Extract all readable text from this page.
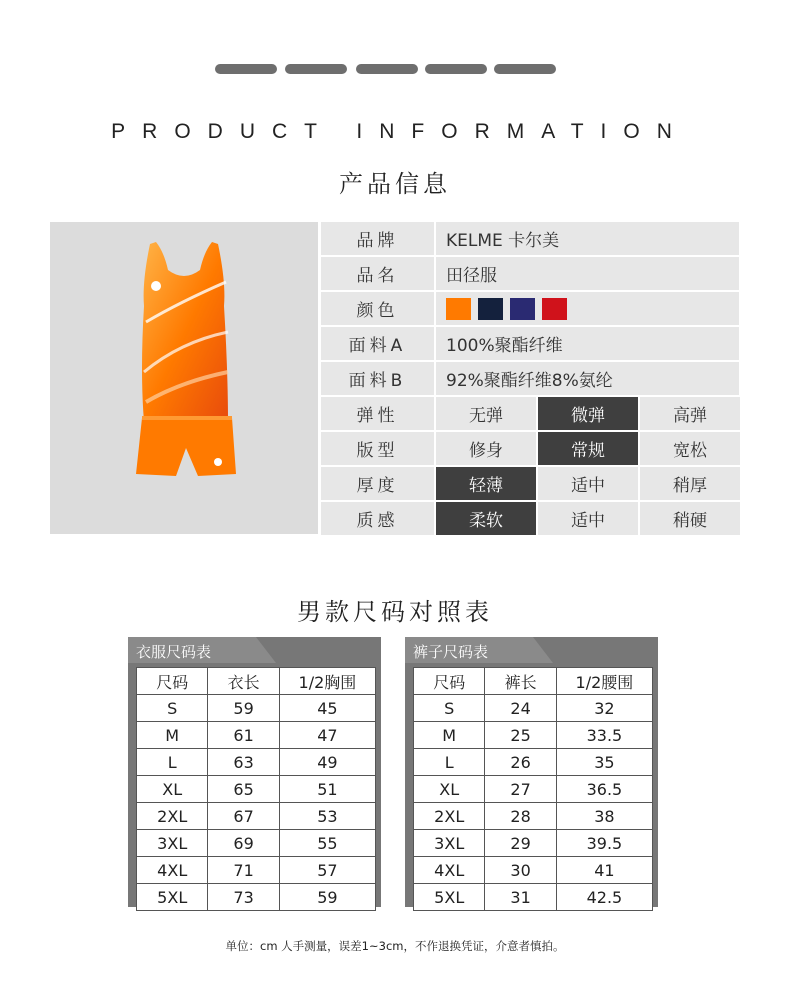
PRODUCT INFORMATION
产品信息
品牌	KELME 卡尔美
品名	田径服
颜色
面料A	100%聚酯纤维
面料B	92%聚酯纤维8%氨纶
弹性	无弹	微弹	高弹
版型	修身	常规	宽松
厚度	轻薄	适中	稍厚
质感	柔软	适中	稍硬
男款尺码对照表
衣服尺码表
尺码	衣长	1/2胸围
S	59	45
M	61	47
L	63	49
XL	65	51
2XL	67	53
3XL	69	55
4XL	71	57
5XL	73	59
裤子尺码表
尺码	裤长	1/2腰围
S	24	32
M	25	33.5
L	26	35
XL	27	36.5
2XL	28	38
3XL	29	39.5
4XL	30	41
5XL	31	42.5
单位：cm 人手测量，误差1~3cm，不作退换凭证，介意者慎拍。
